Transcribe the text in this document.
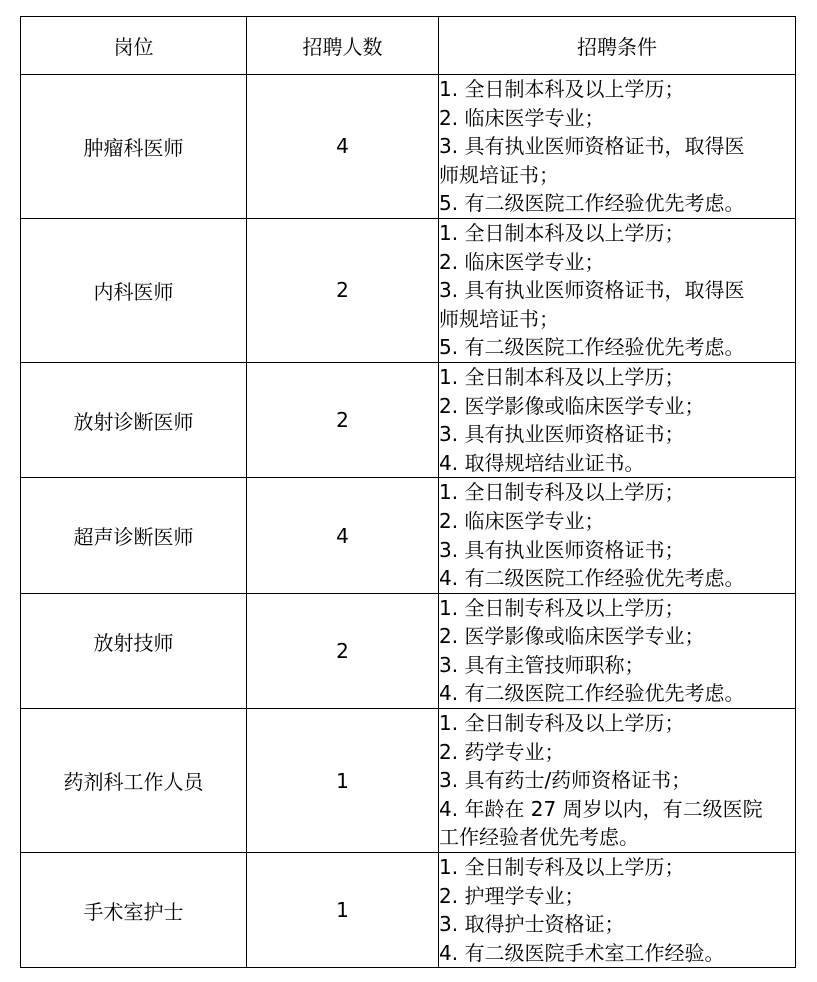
岗位	招聘人数	招聘条件
肿瘤科医师	4	1. 全日制本科及以上学历；
2. 临床医学专业；
3. 具有执业医师资格证书，取得医
师规培证书；
5. 有二级医院工作经验优先考虑。

内科医师	2	1. 全日制本科及以上学历；
2. 临床医学专业；
3. 具有执业医师资格证书，取得医
师规培证书；
5. 有二级医院工作经验优先考虑。

放射诊断医师	2	1. 全日制本科及以上学历；
2. 医学影像或临床医学专业；
3. 具有执业医师资格证书；
4. 取得规培结业证书。

超声诊断医师	4	1. 全日制专科及以上学历；
2. 临床医学专业；
3. 具有执业医师资格证书；
4. 有二级医院工作经验优先考虑。

放射技师	2	1. 全日制专科及以上学历；
2. 医学影像或临床医学专业；
3. 具有主管技师职称；
4. 有二级医院工作经验优先考虑。

药剂科工作人员	1	1. 全日制专科及以上学历；
2. 药学专业；
3. 具有药士/药师资格证书；
4. 年龄在 27 周岁以内，有二级医院
工作经验者优先考虑。

手术室护士	1	1. 全日制专科及以上学历；
2. 护理学专业；
3. 取得护士资格证；
4. 有二级医院手术室工作经验。
